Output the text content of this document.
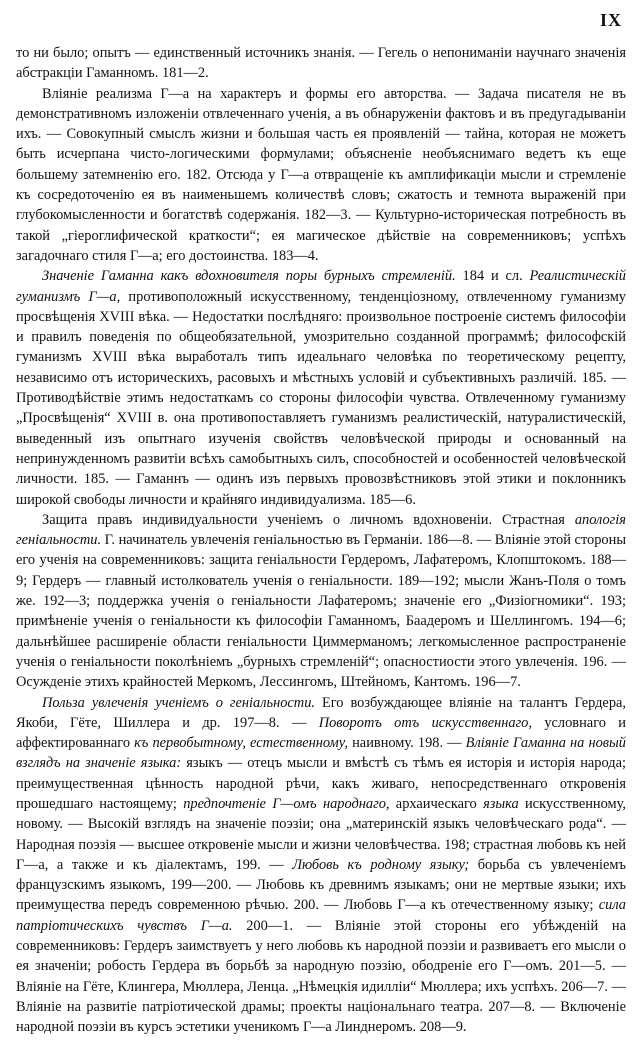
IX

то ни было; опытъ — единственный источникъ знанія. — Гегель о непониманіи научнаго значенія абстракціи Гаманномъ. 181—2.

Вліяніе реализма Г—а на характеръ и формы его авторства. — Задача писателя не въ демонстративномъ изложеніи отвлеченнаго ученія, а въ обнаруженіи фактовъ и въ предугадываніи ихъ. — Совокупный смыслъ жизни и большая часть ея проявленій — тайна, которая не можетъ быть исчерпана чисто-логическими формулами; объясненіе необъяснимаго ведетъ къ еще большему затемненію его. 182. Отсюда у Г—а отвращеніе къ амплификаціи мысли и стремленіе къ сосредоточенію ея въ наименьшемъ количествѣ словъ; сжатость и темнота выраженій при глубокомысленности и богатствѣ содержанія. 182—3. — Культурно-историческая потребность въ такой „гіероглифической краткости“; ея магическое дѣйствіе на современниковъ; успѣхъ загадочнаго стиля Г—а; его достоинства. 183—4.

Значеніе Гаманна какъ вдохновителя поры бурныхъ стремленій. 184 и сл. Реалистическій гуманизмъ Г—а, противоположный искусственному, тенденціозному, отвлеченному гуманизму просвѣщенія XVIII вѣка. — Недостатки послѣдняго: произвольное построеніе системъ философіи и правилъ поведенія по общеобязательной, умозрительно созданной программѣ; философскій гуманизмъ XVIII вѣка выработалъ типъ идеальнаго человѣка по теоретическому рецепту, независимо отъ историческихъ, расовыхъ и мѣстныхъ условій и субъективныхъ различій. 185. — Противодѣйствіе этимъ недостаткамъ со стороны философіи чувства. Отвлеченному гуманизму „Просвѣщенія“ XVIII в. она противопоставляетъ гуманизмъ реалистическій, натуралистическій, выведенный изъ опытнаго изученія свойствъ человѣческой природы и основанный на непринужденномъ развитіи всѣхъ самобытныхъ силъ, способностей и особенностей человѣческой личности. 185. — Гаманнъ — одинъ изъ первыхъ провозвѣстниковъ этой этики и поклонникъ широкой свободы личности и крайняго индивидуализма. 185—6.

Защита правъ индивидуальности ученіемъ о личномъ вдохновеніи. Страстная апологія геніальности. Г. начинатель увлеченія геніальностью въ Германіи. 186—8. — Вліяніе этой стороны его ученія на современниковъ: защита геніальности Гердеромъ, Лафатеромъ, Клопштокомъ. 188—9; Гердеръ — главный истолкователь ученія о геніальности. 189—192; мысли Жанъ-Поля о томъ же. 192—3; поддержка ученія о геніальности Лафатеромъ; значеніе его „Физіогномики“. 193; примѣненіе ученія о геніальности къ философіи Гаманномъ, Баадеромъ и Шеллингомъ. 194—6; дальнѣйшее расширеніе области геніальности Циммерманомъ; легкомысленное распространеніе ученія о геніальности поколѣніемъ „бурныхъ стремленій“; опасностиости этого увлеченія. 196. — Осужденіе этихъ крайностей Меркомъ, Лессингомъ, Штейномъ, Кантомъ. 196—7.

Польза увлеченія ученіемъ о геніальности. Его возбуждающее вліяніе на талантъ Гердера, Якоби, Гёте, Шиллера и др. 197—8. — Поворотъ отъ искусственнаго, условнаго и аффектированнаго къ первобытному, естественному, наивному. 198. — Вліяніе Гаманна на новый взглядъ на значеніе языка: языкъ — отецъ мысли и вмѣстѣ съ тѣмъ ея исторія и исторія народа; преимущественная цѣнность народной рѣчи, какъ живаго, непосредственнаго откровенія прошедшаго настоящему; предпочтеніе Г—омъ народнаго, архаическаго языка искусственному, новому. — Высокій взглядъ на значеніе поэзіи; она „материнскій языкъ человѣческаго рода“. — Народная поэзія — высшее откровеніе мысли и жизни человѣчества. 198; страстная любовь къ ней Г—а, а также и къ діалектамъ, 199. — Любовь къ родному языку; борьба съ увлеченіемъ французскимъ языкомъ, 199—200. — Любовь къ древнимъ языкамъ; они не мертвые языки; ихъ преимущества передъ современною рѣчью. 200. — Любовь Г—а къ отечественному языку; сила патріотическихъ чувствъ Г—а. 200—1. — Вліяніе этой стороны его убѣжденій на современниковъ: Гердеръ заимствуетъ у него любовь къ народной поэзіи и развиваетъ его мысли о ея значеніи; робость Гердера въ борьбѣ за народную поэзію, ободреніе его Г—омъ. 201—5. — Вліяніе на Гёте, Клингера, Мюллера, Ленца. „Нѣмецкія идилліи“ Мюллера; ихъ успѣхъ. 206—7. — Вліяніе на развитіе патріотической драмы; проекты національнаго театра. 207—8. — Включеніе народной поэзіи въ курсъ эстетики ученикомъ Г—а Линднеромъ. 208—9.
